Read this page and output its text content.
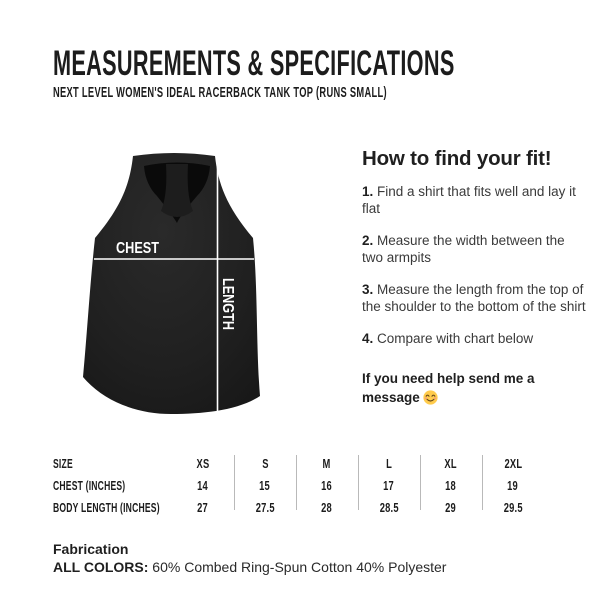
MEASUREMENTS & SPECIFICATIONS
NEXT LEVEL WOMEN'S IDEAL RACERBACK TANK TOP (RUNS SMALL)
CHEST
LENGTH
How to find your fit!

1. Find a shirt that fits well and lay it flat

2. Measure the width between the two armpits

3. Measure the length from the top of the shoulder to the bottom of the shirt

4. Compare with chart below

If you need help send me a message

SIZE	XS	S	M	L	XL	2XL
CHEST (INCHES)	14	15	16	17	18	19
BODY LENGTH (INCHES)	27	27.5	28	28.5	29	29.5
Fabrication
ALL COLORS: 60% Combed Ring-Spun Cotton 40% Polyester
